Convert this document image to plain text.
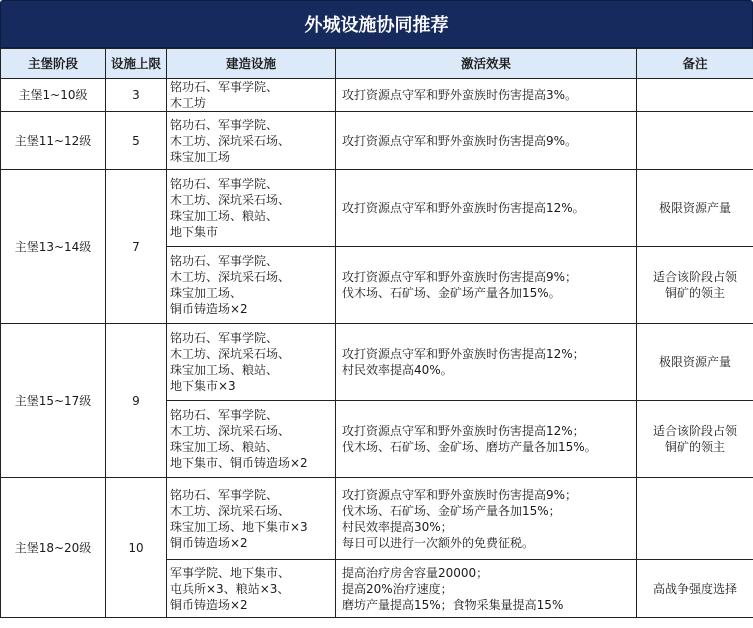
外城设施协同推荐
主堡阶段	设施上限	建造设施	激活效果	备注
主堡1~10级	3	铭功石、军事学院、
木工坊	攻打资源点守军和野外蛮族时伤害提高3%。	

主堡11~12级	5	铭功石、军事学院、
木工坊、深坑采石场、
珠宝加工场	攻打资源点守军和野外蛮族时伤害提高9%。	

主堡13~14级	7	铭功石、军事学院、
木工坊、深坑采石场、
珠宝加工场、粮站、
地下集市	攻打资源点守军和野外蛮族时伤害提高12%。	极限资源产量

		铭功石、军事学院、
木工坊、深坑采石场、
珠宝加工场、
铜币铸造场×2	攻打资源点守军和野外蛮族时伤害提高9%；
伐木场、石矿场、金矿场产量各加15%。	适合该阶段占领
铜矿的领主

主堡15~17级	9	铭功石、军事学院、
木工坊、深坑采石场、
珠宝加工场、粮站、
地下集市×3	攻打资源点守军和野外蛮族时伤害提高12%；
村民效率提高40%。	极限资源产量

		铭功石、军事学院、
木工坊、深坑采石场、
珠宝加工场、粮站、
地下集市、铜币铸造场×2	攻打资源点守军和野外蛮族时伤害提高12%；
伐木场、石矿场、金矿场、磨坊产量各加15%。	适合该阶段占领
铜矿的领主

主堡18~20级	10	铭功石、军事学院、
木工坊、深坑采石场、
珠宝加工场、地下集市×3
铜币铸造场×2	攻打资源点守军和野外蛮族时伤害提高9%；
伐木场、石矿场、金矿场产量各加15%；
村民效率提高30%；
每日可以进行一次额外的免费征税。	

		军事学院、地下集市、
屯兵所×3、粮站×3、
铜币铸造场×2	提高治疗房舍容量20000；
提高20%治疗速度；
磨坊产量提高15%；食物采集量提高15%	高战争强度选择
